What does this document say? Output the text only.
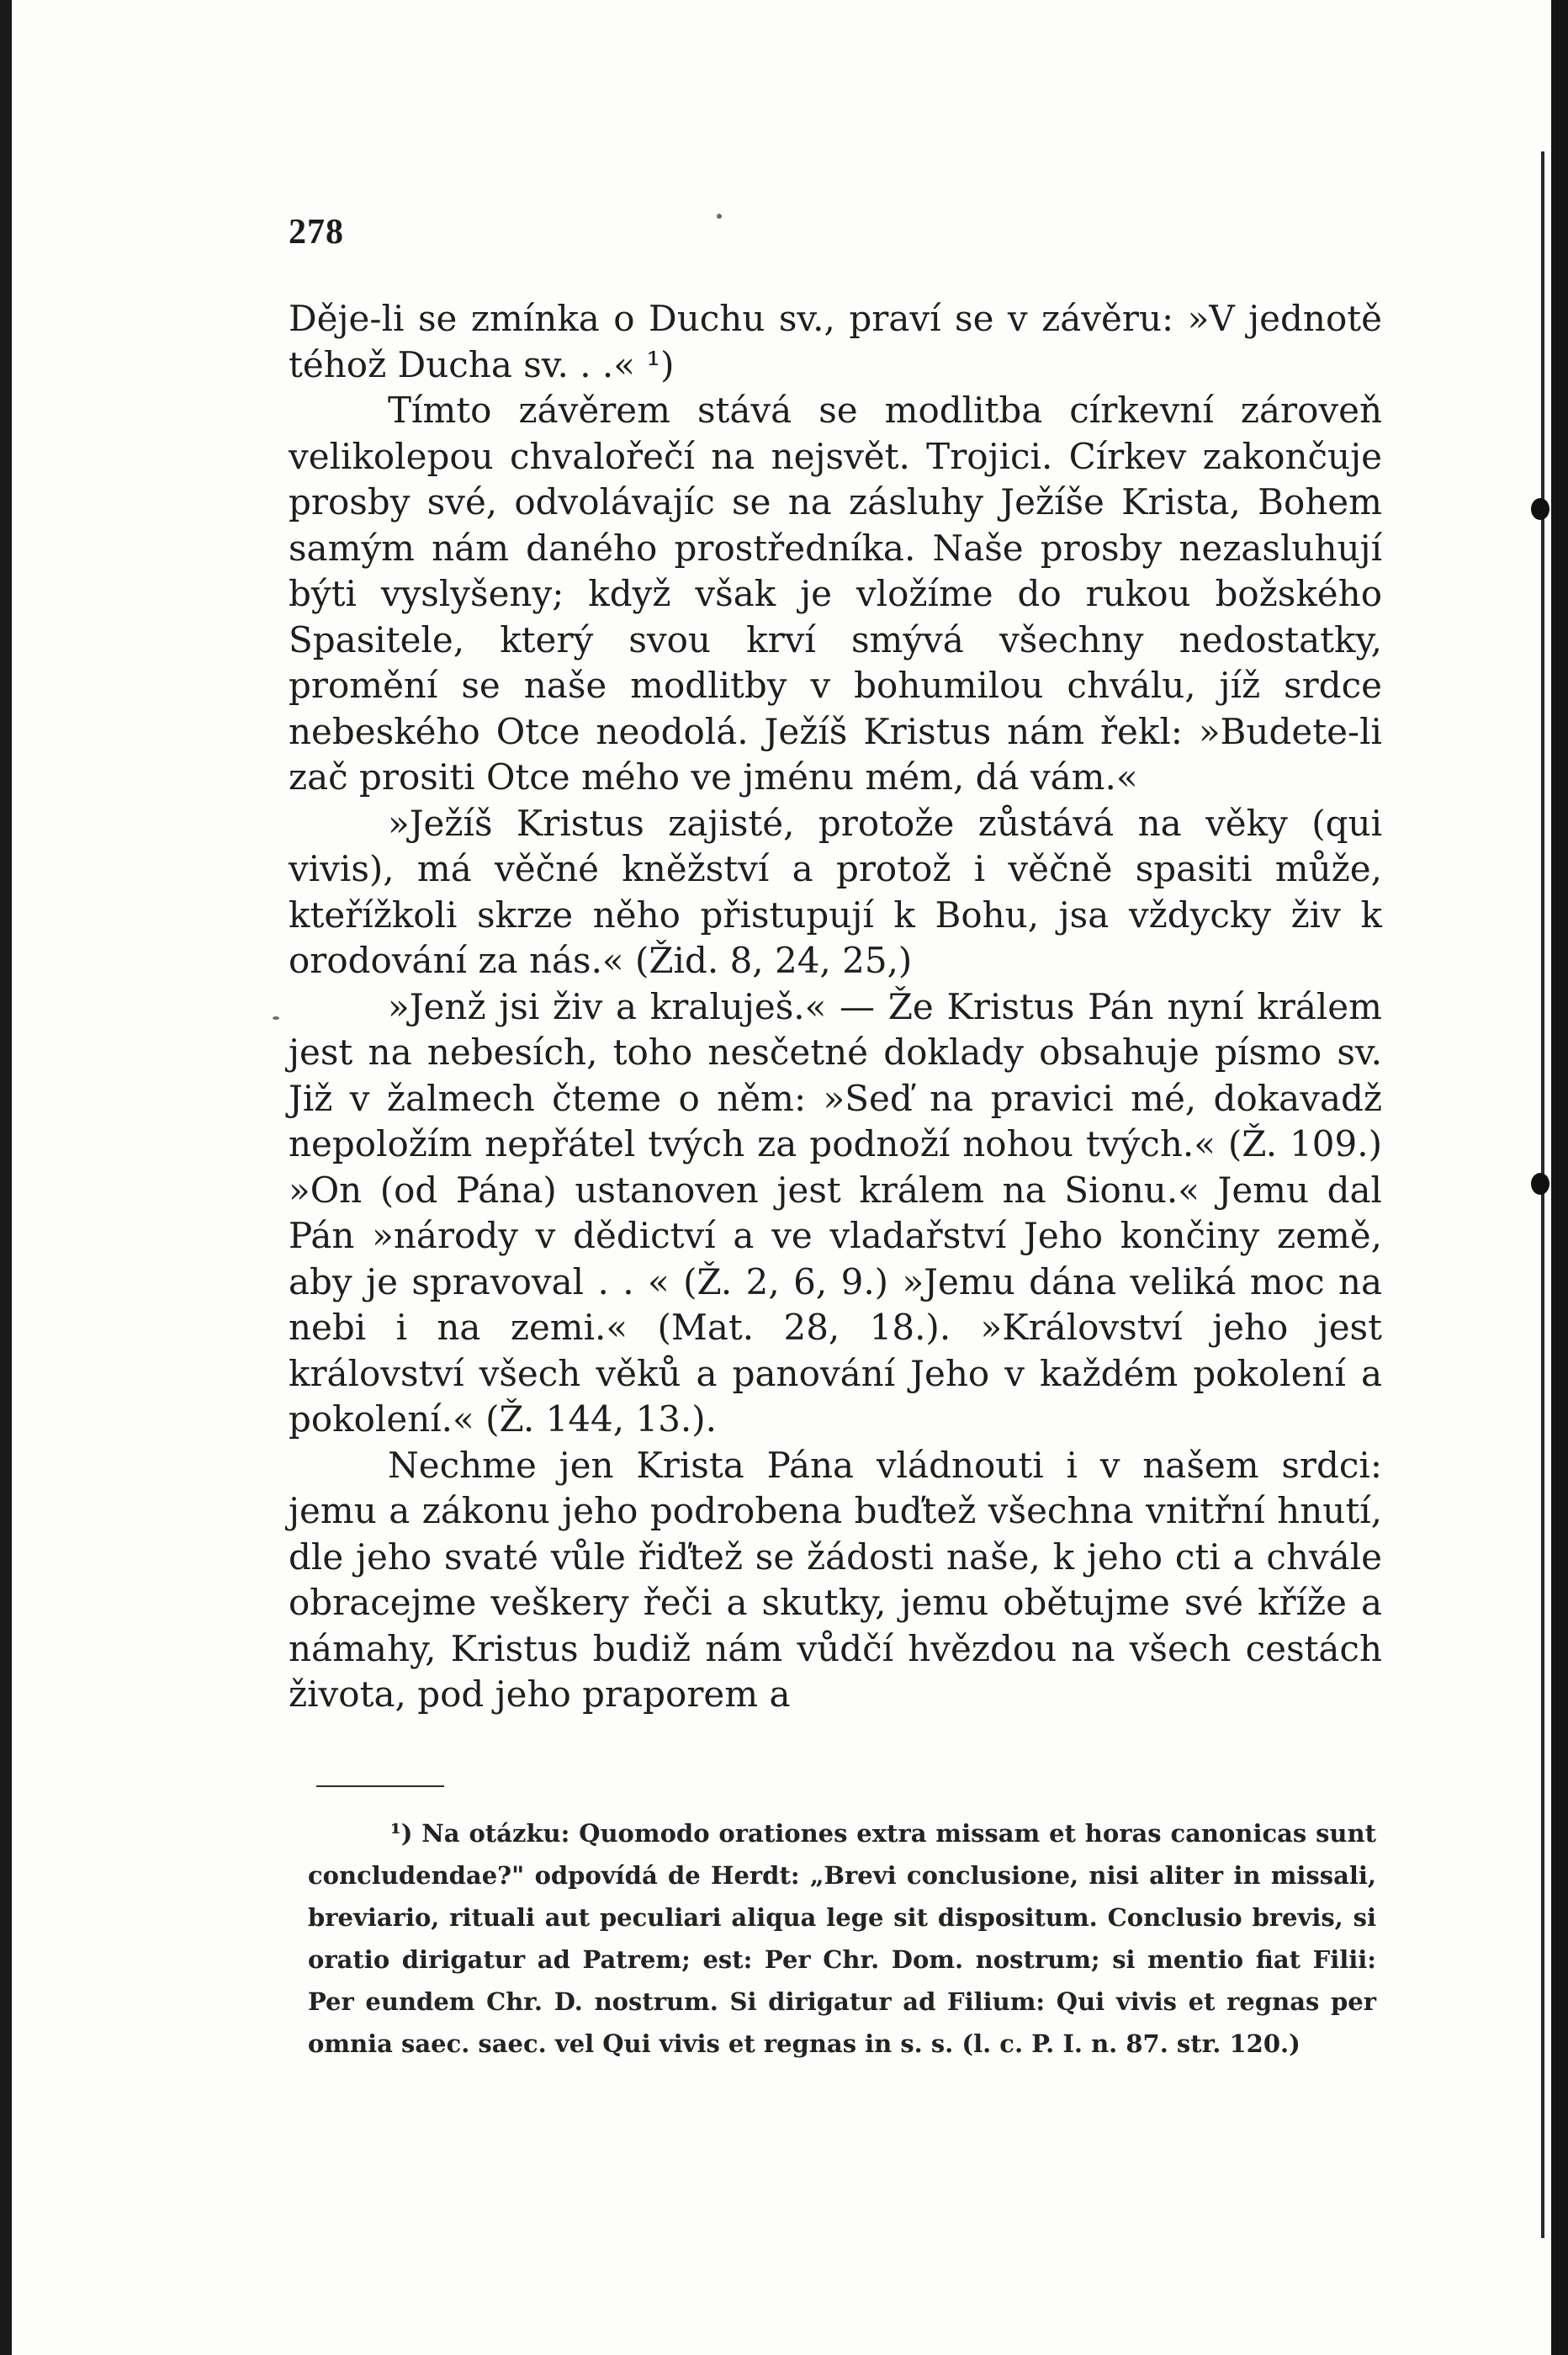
278

Děje-li se zmínka o Duchu sv., praví se v závěru: »V jednotě téhož Ducha sv. . .« ¹)

Tímto závěrem stává se modlitba církevní zároveň velikolepou chvalořečí na nejsvět. Trojici. Církev zakončuje prosby své, odvolávajíc se na zásluhy Ježíše Krista, Bohem samým nám daného prostředníka. Naše prosby nezasluhují býti vyslyšeny; když však je vložíme do rukou božského Spasitele, který svou krví smývá všechny nedostatky, promění se naše modlitby v bohumilou chválu, jíž srdce nebeského Otce neodolá. Ježíš Kristus nám řekl: »Budete-li zač prositi Otce mého ve jménu mém, dá vám.«

»Ježíš Kristus zajisté, protože zůstává na věky (qui vivis), má věčné kněžství a protož i věčně spasiti může, kteřížkoli skrze něho přistupují k Bohu, jsa vždycky živ k orodování za nás.« (Žid. 8, 24, 25,)

»Jenž jsi živ a kraluješ.« — Že Kristus Pán nyní králem jest na nebesích, toho nesčetné doklady obsahuje písmo sv. Již v žalmech čteme o něm: »Seď na pravici mé, dokavadž nepoložím nepřátel tvých za podnoží nohou tvých.« (Ž. 109.) »On (od Pána) ustanoven jest králem na Sionu.« Jemu dal Pán »národy v dědictví a ve vladařství Jeho končiny země, aby je spravoval . . « (Ž. 2, 6, 9.) »Jemu dána veliká moc na nebi i na zemi.« (Mat. 28, 18.). »Království jeho jest království všech věků a panování Jeho v každém pokolení a pokolení.« (Ž. 144, 13.).

Nechme jen Krista Pána vládnouti i v našem srdci: jemu a zákonu jeho podrobena buďtež všechna vnitřní hnutí, dle jeho svaté vůle řiďtež se žádosti naše, k jeho cti a chvále obracejme veškery řeči a skutky, jemu obětujme své kříže a námahy, Kristus budiž nám vůdčí hvězdou na všech cestách života, pod jeho praporem a

¹) Na otázku: Quomodo orationes extra missam et horas canonicas sunt concludendae?" odpovídá de Herdt: „Brevi conclusione, nisi aliter in missali, breviario, rituali aut peculiari aliqua lege sit dispositum. Conclusio brevis, si oratio dirigatur ad Patrem; est: Per Chr. Dom. nostrum; si mentio fiat Filii: Per eundem Chr. D. nostrum. Si dirigatur ad Filium: Qui vivis et regnas per omnia saec. saec. vel Qui vivis et regnas in s. s. (l. c. P. I. n. 87. str. 120.)
